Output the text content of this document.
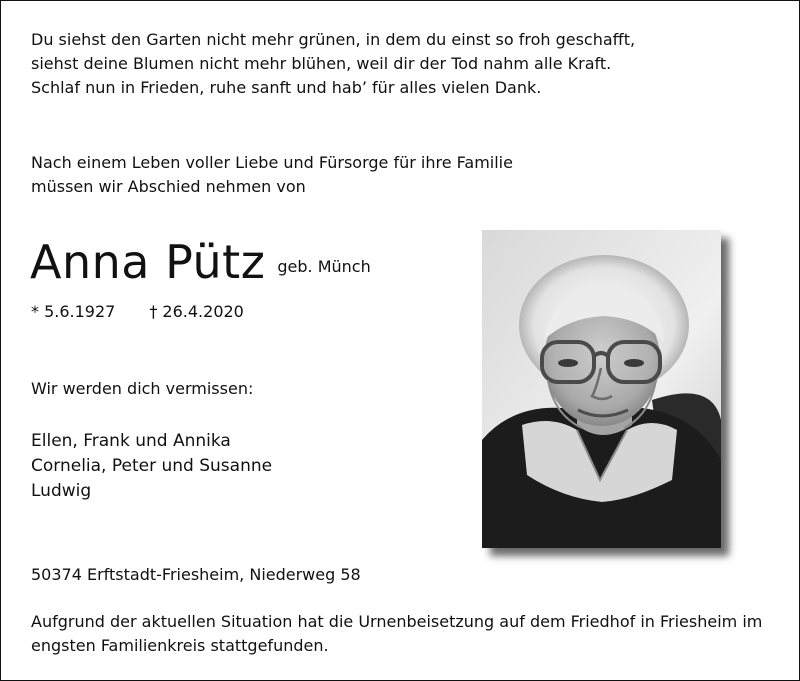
Du siehst den Garten nicht mehr grünen, in dem du einst so froh geschafft,
siehst deine Blumen nicht mehr blühen, weil dir der Tod nahm alle Kraft.
Schlaf nun in Frieden, ruhe sanft und hab’ für alles vielen Dank.
Nach einem Leben voller Liebe und Fürsorge für ihre Familie
müssen wir Abschied nehmen von
Anna Pütz geb. Münch
* 5.6.1927 † 26.4.2020
Wir werden dich vermissen:
Ellen, Frank und Annika
Cornelia, Peter und Susanne
Ludwig
50374 Erftstadt-Friesheim, Niederweg 58
Aufgrund der aktuellen Situation hat die Urnenbeisetzung auf dem Friedhof in Friesheim im engsten Familienkreis stattgefunden.
